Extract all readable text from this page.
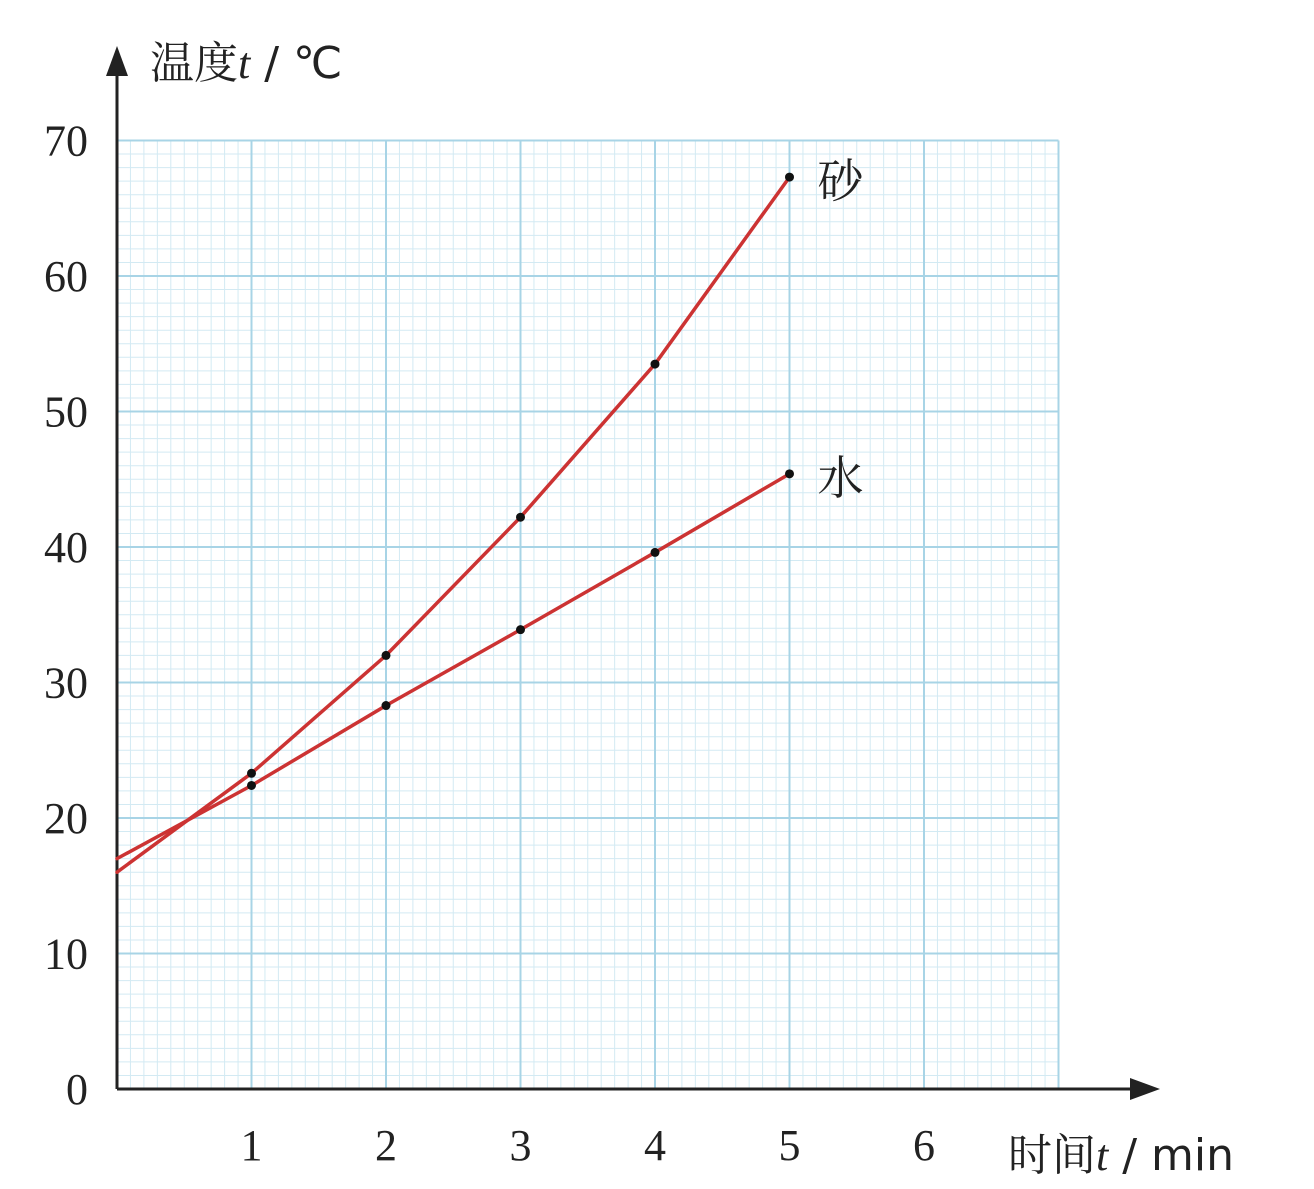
1	2	3	4	5	6
0
10
20
30
40
50
60
70
砂
水
温度t / ℃
时间t / min
